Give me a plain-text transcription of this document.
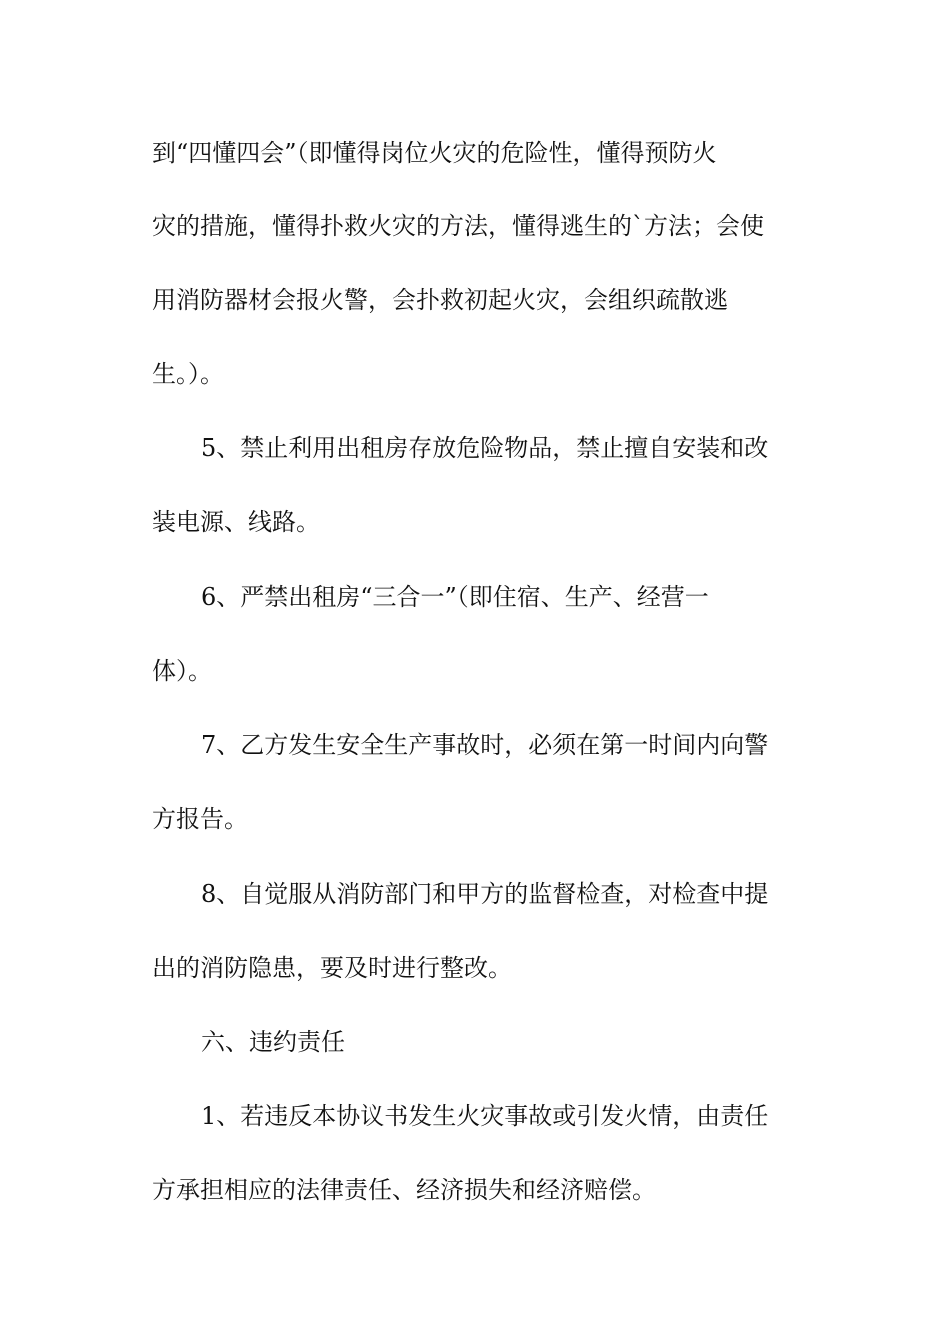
到“四懂四会”（即懂得岗位火灾的危险性，懂得预防火
灾的措施，懂得扑救火灾的方法，懂得逃生的`方法；会使
用消防器材会报火警，会扑救初起火灾，会组织疏散逃
生。）。
5、禁止利用出租房存放危险物品，禁止擅自安装和改
装电源、线路。
6、严禁出租房“三合一”（即住宿、生产、经营一
体）。
7、乙方发生安全生产事故时，必须在第一时间内向警
方报告。
8、自觉服从消防部门和甲方的监督检查，对检查中提
出的消防隐患，要及时进行整改。
六、违约责任
1、若违反本协议书发生火灾事故或引发火情，由责任
方承担相应的法律责任、经济损失和经济赔偿。
